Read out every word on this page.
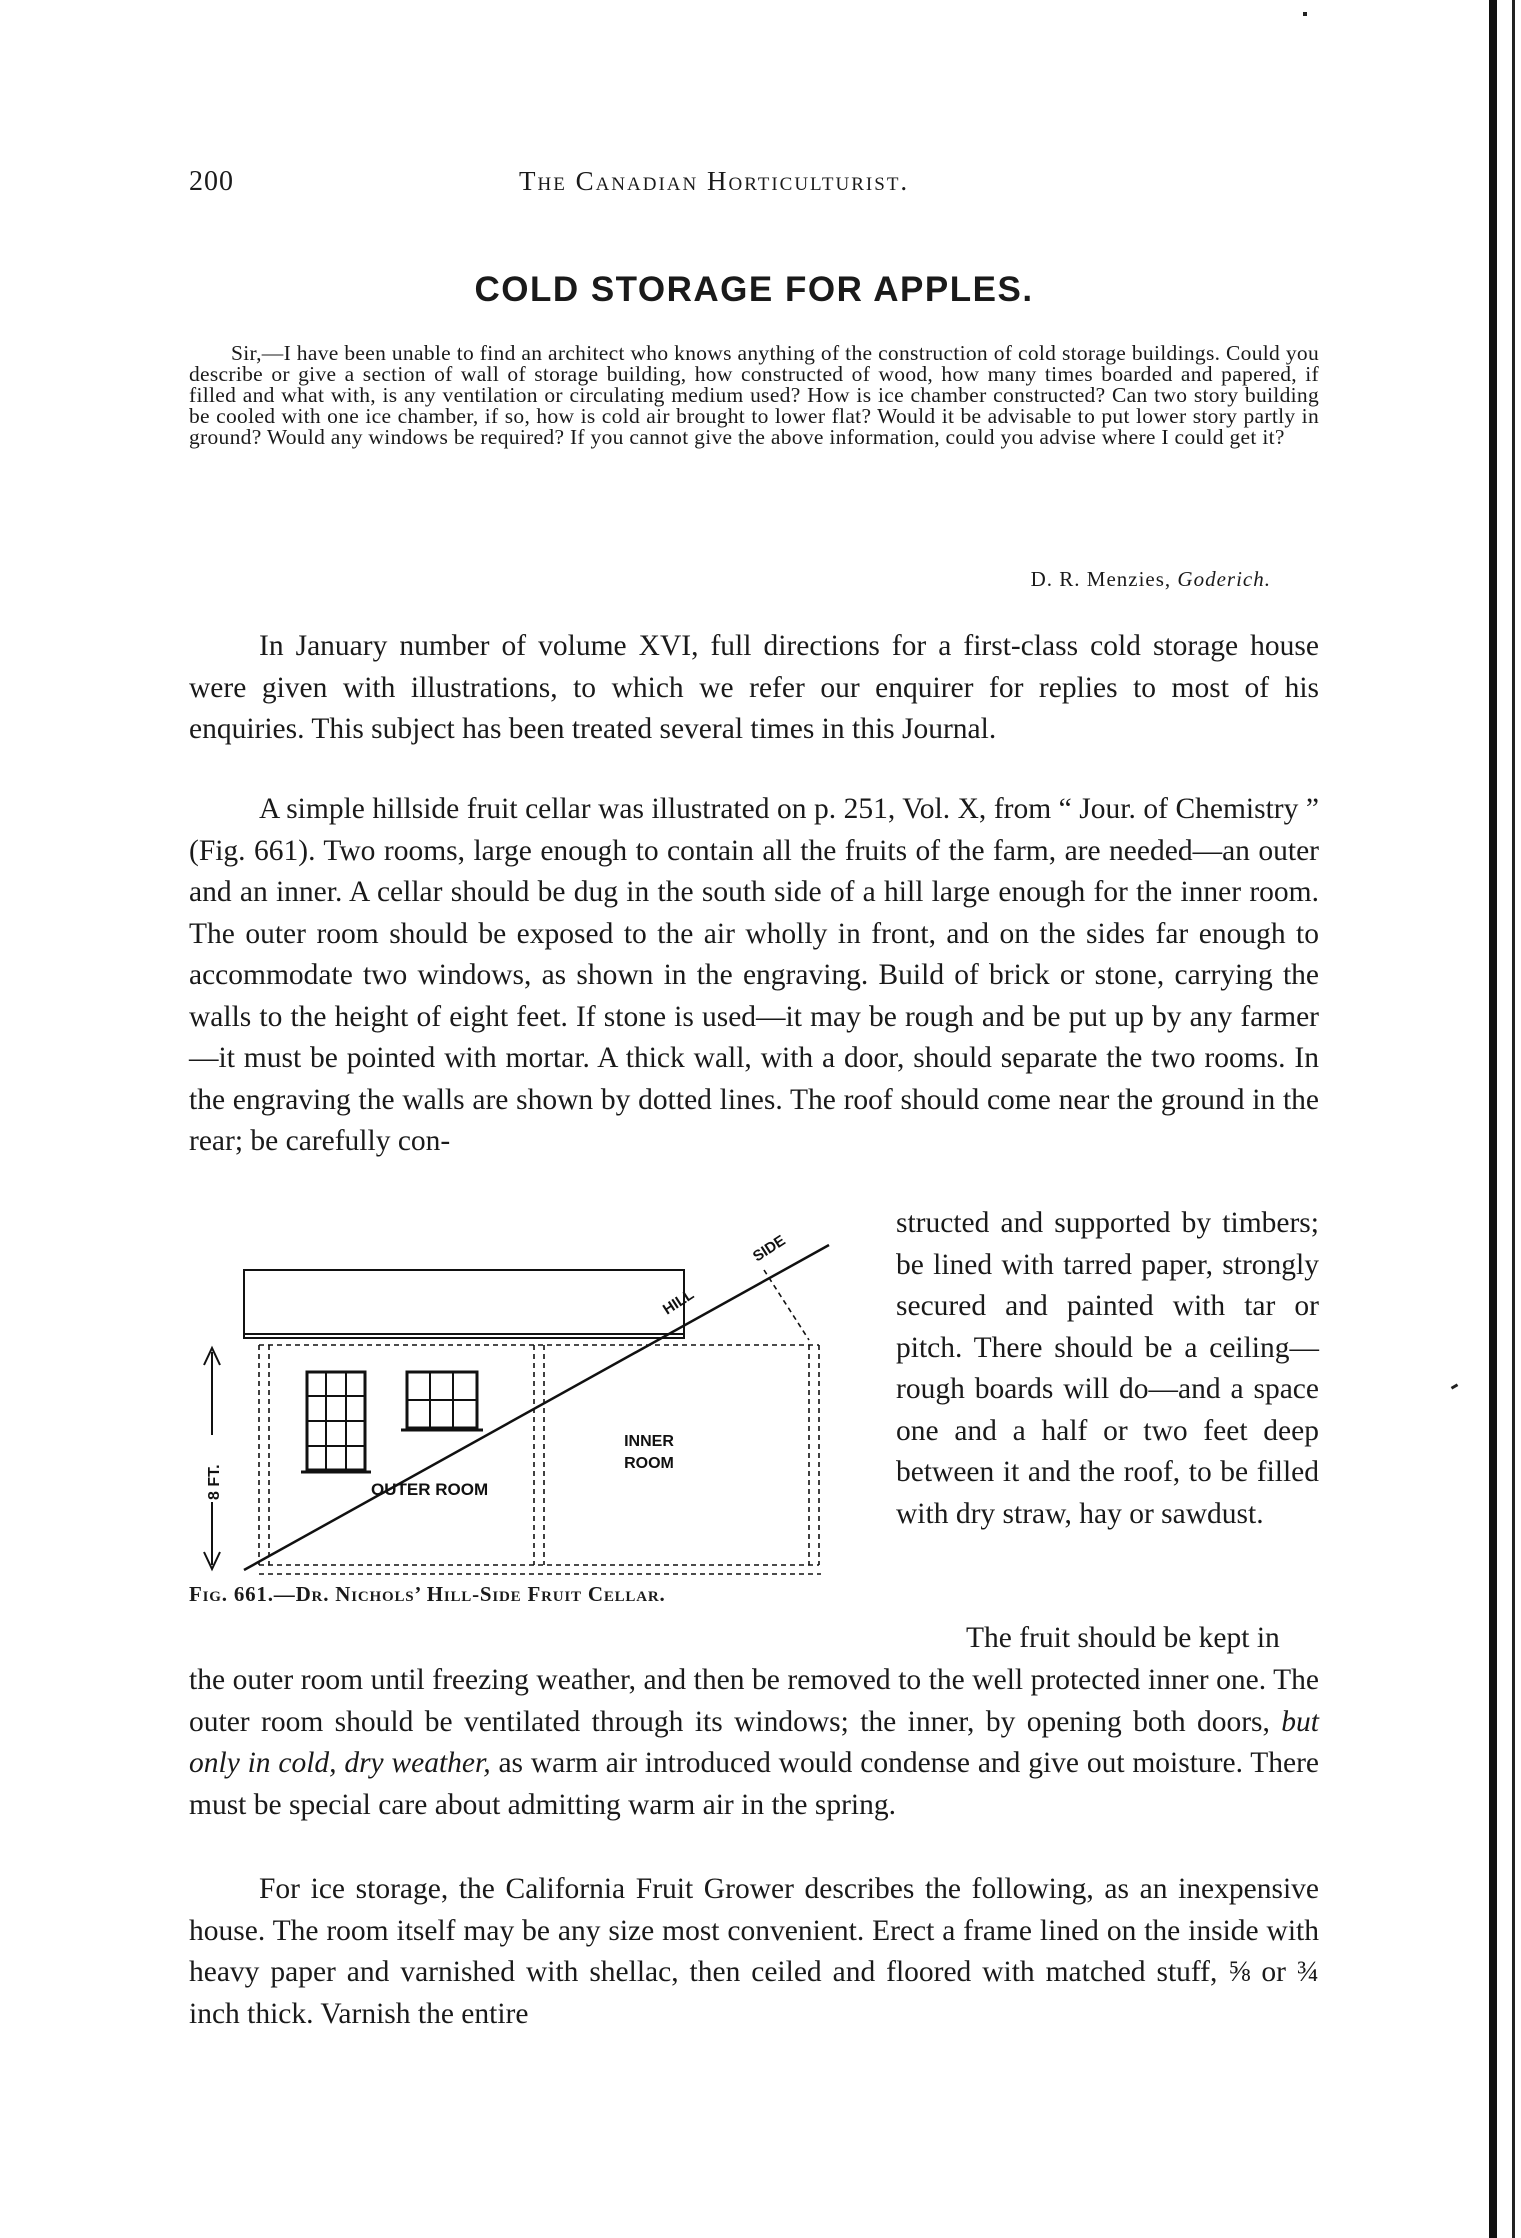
200	The Canadian Horticulturist.
COLD STORAGE FOR APPLES.

Sir,—I have been unable to find an architect who knows anything of the construction of cold storage buildings. Could you describe or give a section of wall of storage building, how constructed of wood, how many times boarded and papered, if filled and what with, is any ventilation or circulating medium used? How is ice chamber constructed? Can two story building be cooled with one ice chamber, if so, how is cold air brought to lower flat? Would it be advisable to put lower story partly in ground? Would any windows be required? If you cannot give the above information, could you advise where I could get it?

D. R. Menzies, Goderich.

In January number of volume XVI, full directions for a first-class cold storage house were given with illustrations, to which we refer our enquirer for replies to most of his enquiries. This subject has been treated several times in this Journal.

A simple hillside fruit cellar was illustrated on p. 251, Vol. X, from “ Jour. of Chemistry ” (Fig. 661). Two rooms, large enough to contain all the fruits of the farm, are needed—an outer and an inner. A cellar should be dug in the south side of a hill large enough for the inner room. The outer room should be exposed to the air wholly in front, and on the sides far enough to accommodate two windows, as shown in the engraving. Build of brick or stone, carrying the walls to the height of eight feet. If stone is used—it may be rough and be put up by any farmer—it must be pointed with mortar. A thick wall, with a door, should separate the two rooms. In the engraving the walls are shown by dotted lines. The roof should come near the ground in the rear; be carefully con-

structed and supported by timbers; be lined with tarred paper, strongly secured and painted with tar or pitch. There should be a ceiling—rough boards will do—and a space one and a half or two feet deep between it and the roof, to be filled with dry straw, hay or sawdust.

The fruit should be kept in

the outer room until freezing weather, and then be removed to the well protected inner one. The outer room should be ventilated through its windows; the inner, by opening both doors, but only in cold, dry weather, as warm air introduced would condense and give out moisture. There must be special care about admitting warm air in the spring.

For ice storage, the California Fruit Grower describes the following, as an inexpensive house. The room itself may be any size most convenient. Erect a frame lined on the inside with heavy paper and varnished with shellac, then ceiled and floored with matched stuff, ⅝ or ¾ inch thick. Varnish the entire

HILL
SIDE
INNER
ROOM
OUTER ROOM
8 FT.
Fig. 661.—Dr. Nichols’ Hill-Side Fruit Cellar.
